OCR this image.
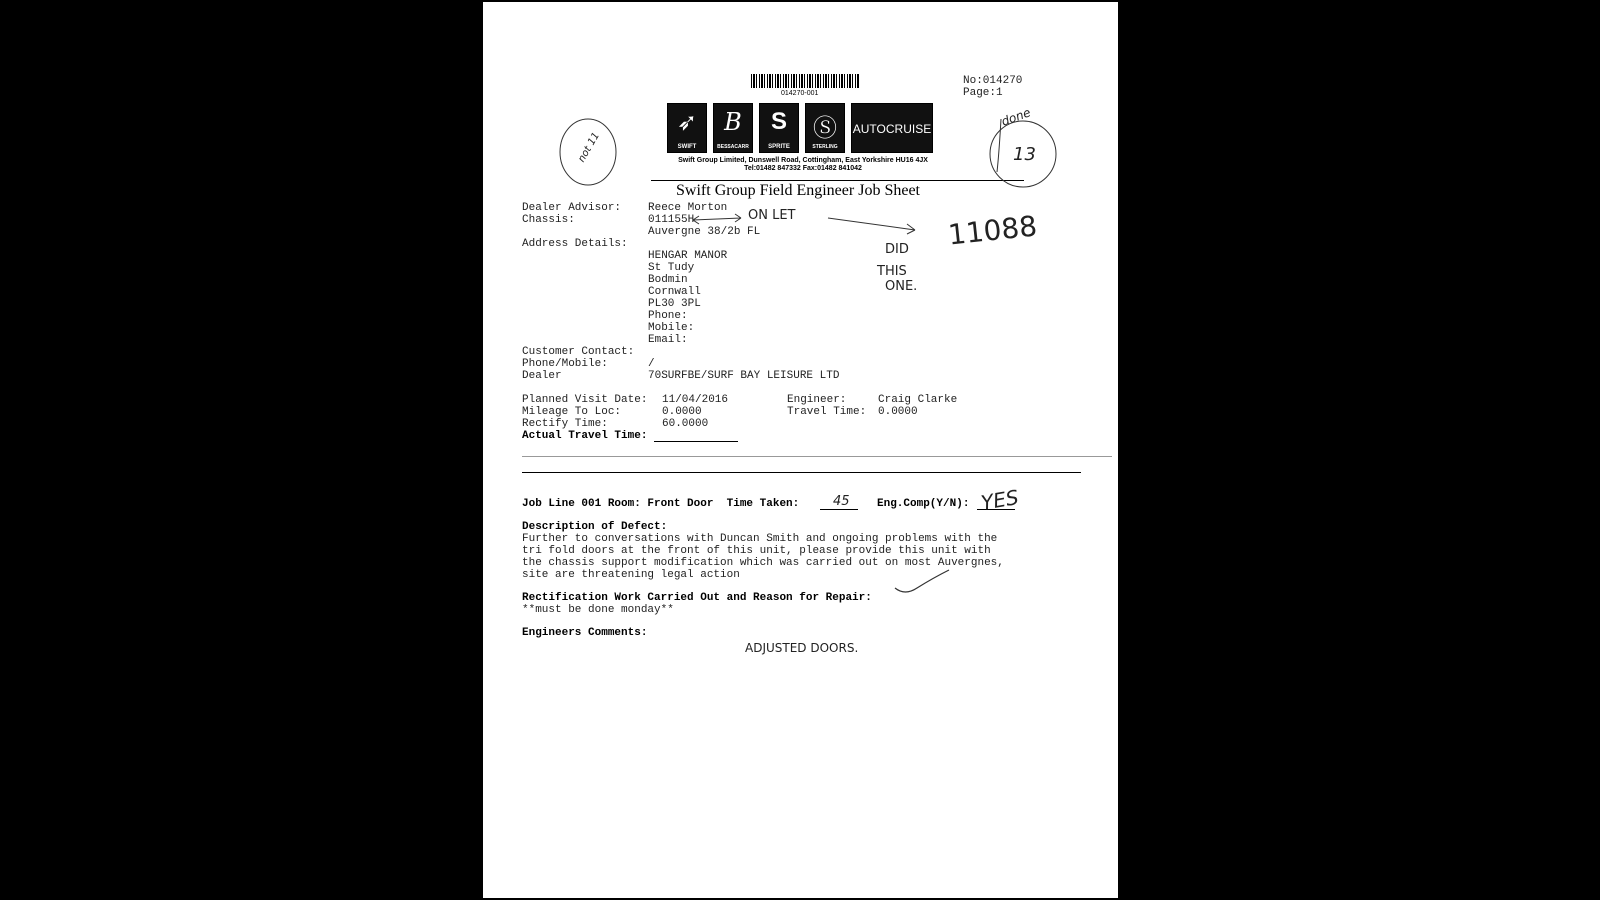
014270-001
No:014270
Page:1
➶
SWIFT
B
BESSACARR
S
SPRITE
Ⓢ
STERLING
AUTOCRUISE
Swift Group Limited, Dunswell Road, Cottingham, East Yorkshire HU16 4JX
Tel:01482 847332 Fax:01482 841042
Swift Group Field Engineer Job Sheet
Dealer Advisor: Reece Morton
Chassis:	011155H
Auvergne 38/2b FL
Address Details:
HENGAR MANOR
St Tudy
Bodmin
Cornwall
PL30 3PL
Phone:
Mobile:
Email:
Customer Contact:
Phone/Mobile:	/
Dealer	70SURFBE/SURF BAY LEISURE LTD
Planned Visit Date: 11/04/2016	Engineer:	Craig Clarke
Mileage To Loc:	0.0000	Travel Time: 0.0000
Rectify Time:	60.0000
Actual Travel Time:
Job Line 001 Room: Front Door  Time Taken:	Eng.Comp(Y/N):
Description of Defect:
Further to conversations with Duncan Smith and ongoing problems with the
tri fold doors at the front of this unit, please provide this unit with
the chassis support modification which was carried out on most Auvergnes,
site are threatening legal action
Rectification Work Carried Out and Reason for Repair:
**must be done monday**
Engineers Comments:
not 11
done
13
ON LET	11088
DID
THIS
ONE.
45	YES
ADJUSTED DOORS.
